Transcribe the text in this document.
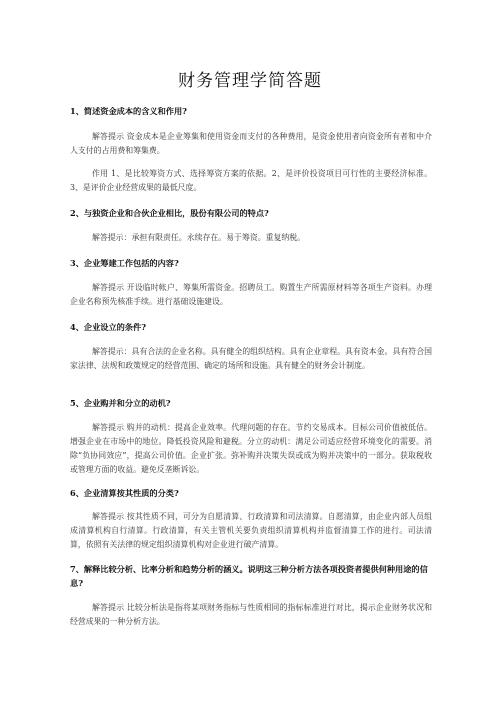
财务管理学简答题
1、简述资金成本的含义和作用?
解答提示 资金成本是企业筹集和使用资金而支付的各种费用，是资金使用者向资金所有者和中介人支付的占用费和筹集费。
作用 1、是比较筹资方式、选择筹资方案的依据。2、是评价投资项目可行性的主要经济标准。3、是评价企业经营成果的最低尺度。
2、与独资企业和合伙企业相比，股份有限公司的特点?
解答提示：承担有限责任。永续存在。易于筹资。重复纳税。
3、企业筹建工作包括的内容?
解答提示 开设临时帐户、筹集所需资金。招聘员工。购置生产所需原材料等各项生产资料。办理企业名称预先核准手续。进行基础设施建设。
4、企业设立的条件?
解答提示：具有合法的企业名称。具有健全的组织结构。具有企业章程。具有资本金。具有符合国家法律、法规和政策规定的经营范围、确定的场所和设施。具有健全的财务会计制度。
5、企业购并和分立的动机?
解答提示 购并的动机：提高企业效率。代理问题的存在。节约交易成本。目标公司价值被低估。增强企业在市场中的地位。降低投资风险和避税。分立的动机：满足公司适应经营环境变化的需要。消除“负协同效应”，提高公司价值。企业扩张。弥补购并决策失误或成为购并决策中的一部分。获取税收或管理方面的收益。避免反垄断诉讼。
6、企业清算按其性质的分类?
解答提示 按其性质不同，可分为自愿清算、行政清算和司法清算。自愿清算，由企业内部人员组成清算机构自行清算。行政清算，有关主管机关要负责组织清算机构并监督清算工作的进行。司法清算，依照有关法律的规定组织清算机构对企业进行破产清算。
7、解释比较分析、比率分析和趋势分析的涵义。说明这三种分析方法各项投资者提供何种用途的信息?
解答提示 比较分析法是指将某项财务指标与性质相同的指标标准进行对比，揭示企业财务状况和经营成果的一种分析方法。
